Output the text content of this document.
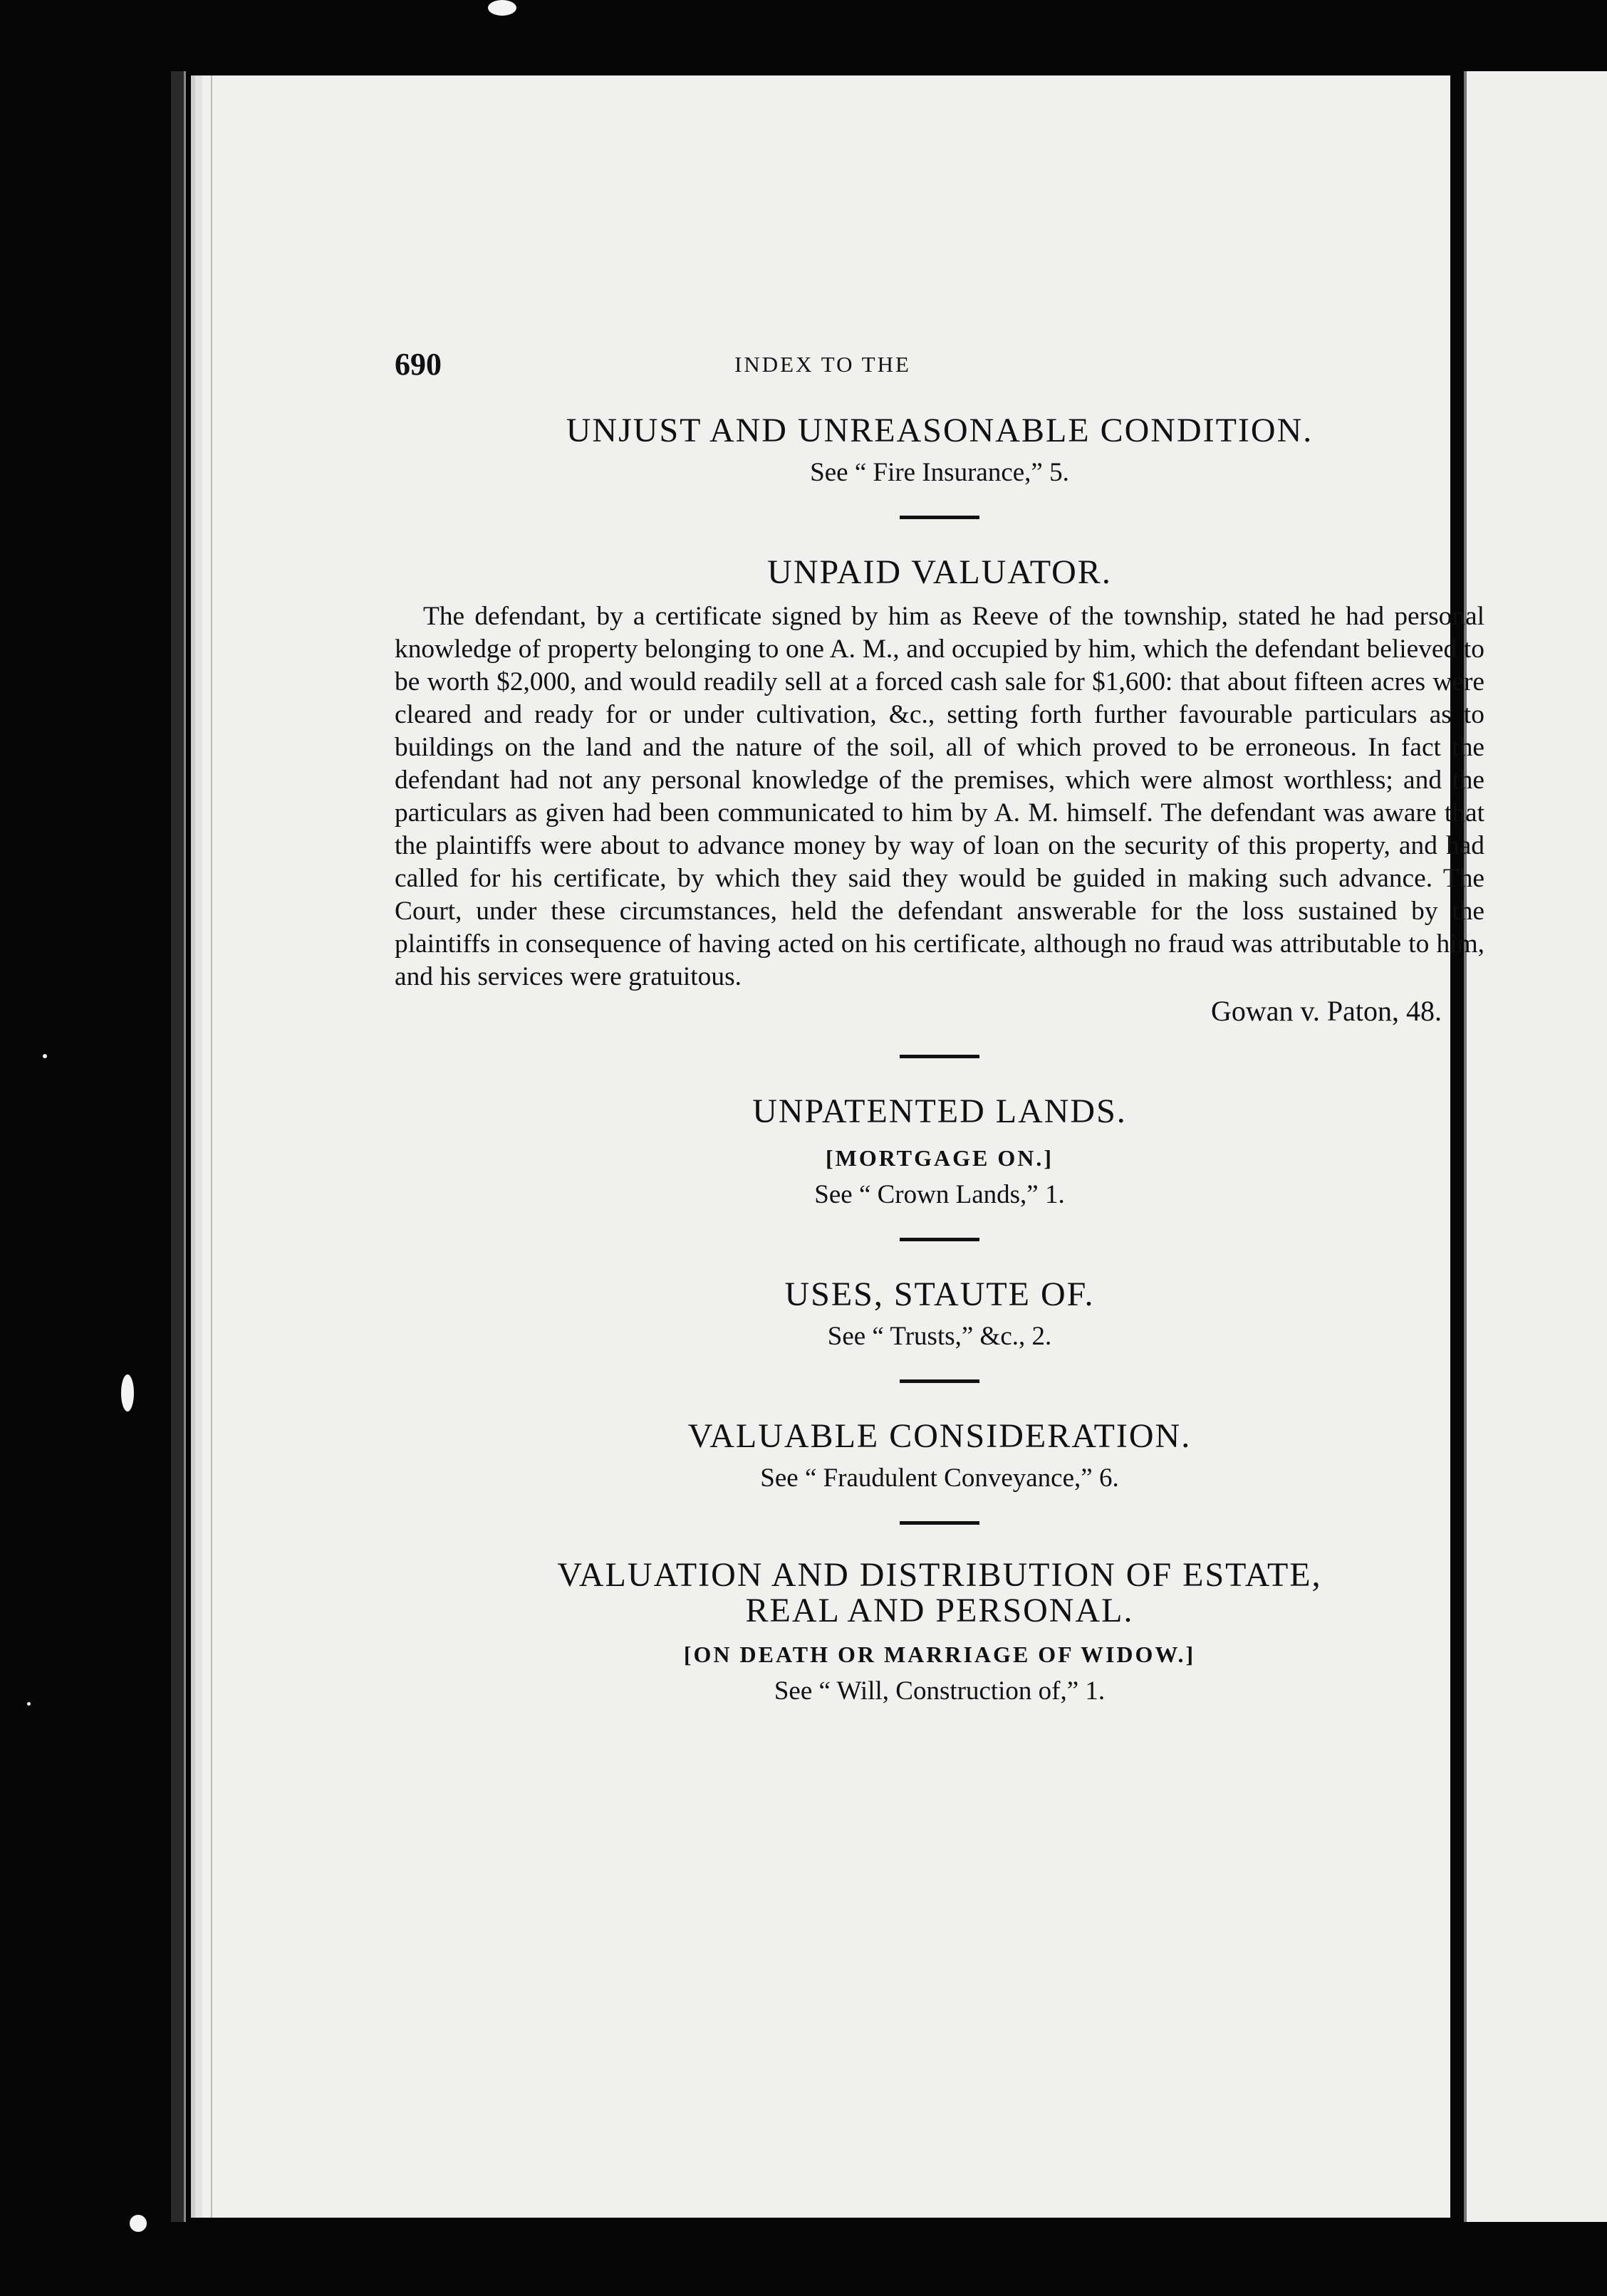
690	INDEX TO THE
UNJUST AND UNREASONABLE CONDITION.
See “ Fire Insurance,” 5.
UNPAID VALUATOR.

The defendant, by a certificate signed by him as Reeve of the township, stated he had personal knowledge of property belonging to one A. M., and occupied by him, which the defendant believed to be worth $2,000, and would readily sell at a forced cash sale for $1,600: that about fifteen acres were cleared and ready for or under cultivation, &c., setting forth further favourable particulars as to buildings on the land and the nature of the soil, all of which proved to be erroneous. In fact the defendant had not any personal knowledge of the premises, which were almost worthless; and the particulars as given had been communicated to him by A. M. himself. The defendant was aware that the plaintiffs were about to advance money by way of loan on the security of this property, and had called for his certificate, by which they said they would be guided in making such advance. The Court, under these circumstances, held the defendant answerable for the loss sustained by the plaintiffs in consequence of having acted on his certificate, although no fraud was attributable to him, and his services were gratuitous.

Gowan v. Paton, 48.
UNPATENTED LANDS.
[MORTGAGE ON.]
See “ Crown Lands,” 1.
USES, STAUTE OF.
See “ Trusts,” &c., 2.
VALUABLE CONSIDERATION.
See “ Fraudulent Conveyance,” 6.
VALUATION AND DISTRIBUTION OF ESTATE,
REAL AND PERSONAL.
[ON DEATH OR MARRIAGE OF WIDOW.]
See “ Will, Construction of,” 1.
